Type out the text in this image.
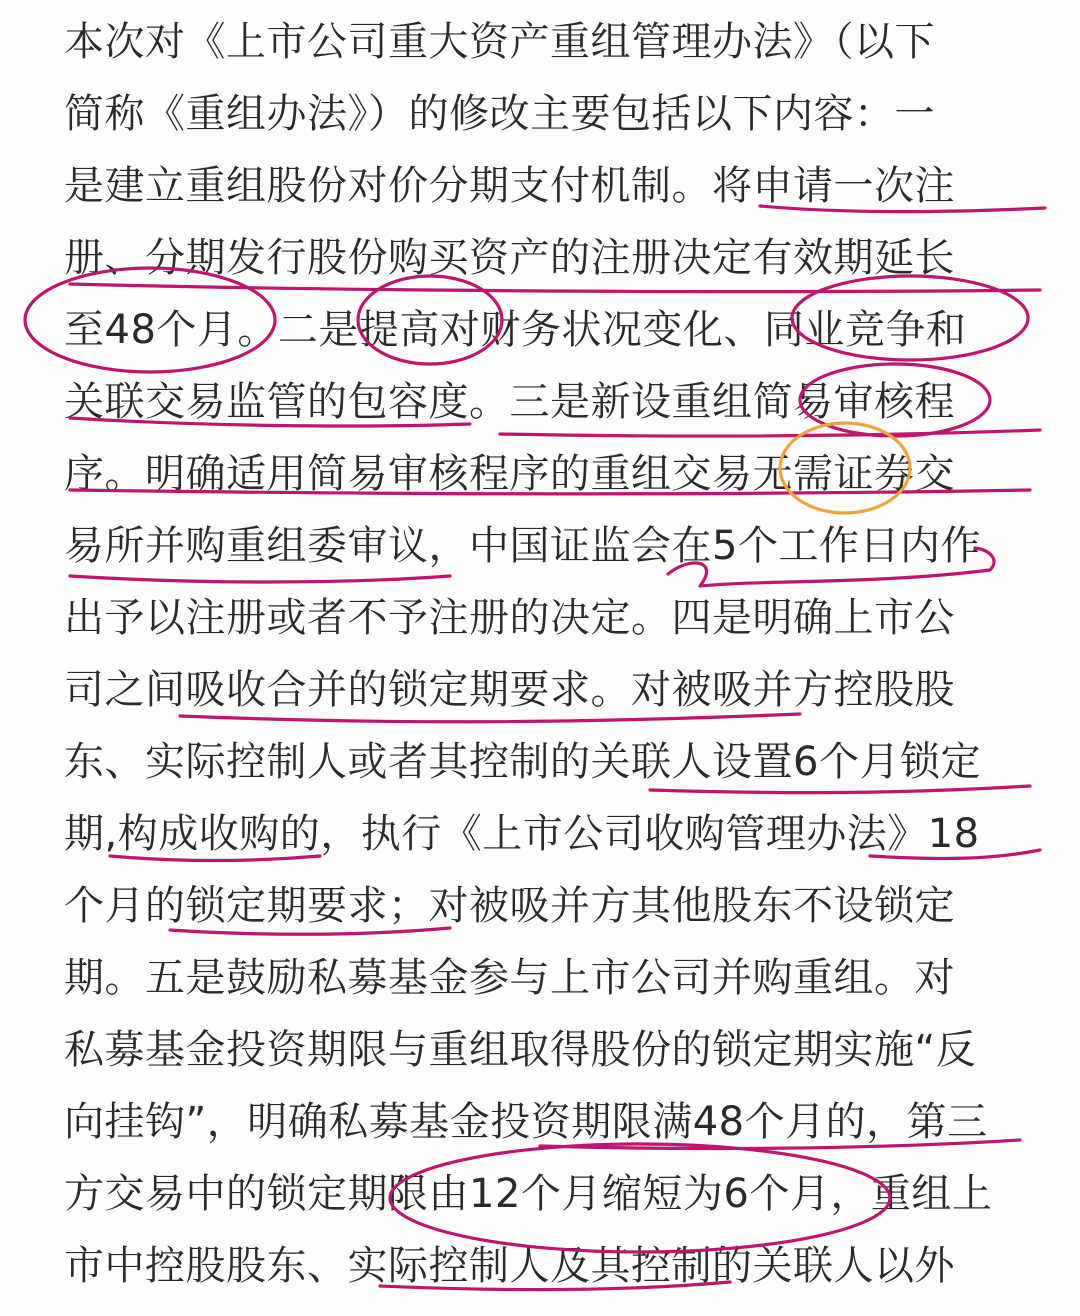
本次对《上市公司重大资产重组管理办法》（以下
简称《重组办法》）的修改主要包括以下内容：一
是建立重组股份对价分期支付机制。将申请一次注
册、分期发行股份购买资产的注册决定有效期延长
至48个月。二是提高对财务状况变化、同业竞争和
关联交易监管的包容度。三是新设重组简易审核程
序。明确适用简易审核程序的重组交易无需证券交
易所并购重组委审议，中国证监会在5个工作日内作
出予以注册或者不予注册的决定。四是明确上市公
司之间吸收合并的锁定期要求。对被吸并方控股股
东、实际控制人或者其控制的关联人设置6个月锁定
期,构成收购的，执行《上市公司收购管理办法》18
个月的锁定期要求；对被吸并方其他股东不设锁定
期。五是鼓励私募基金参与上市公司并购重组。对
私募基金投资期限与重组取得股份的锁定期实施“反
向挂钩”，明确私募基金投资期限满48个月的，第三
方交易中的锁定期限由12个月缩短为6个月，重组上
市中控股股东、实际控制人及其控制的关联人以外
